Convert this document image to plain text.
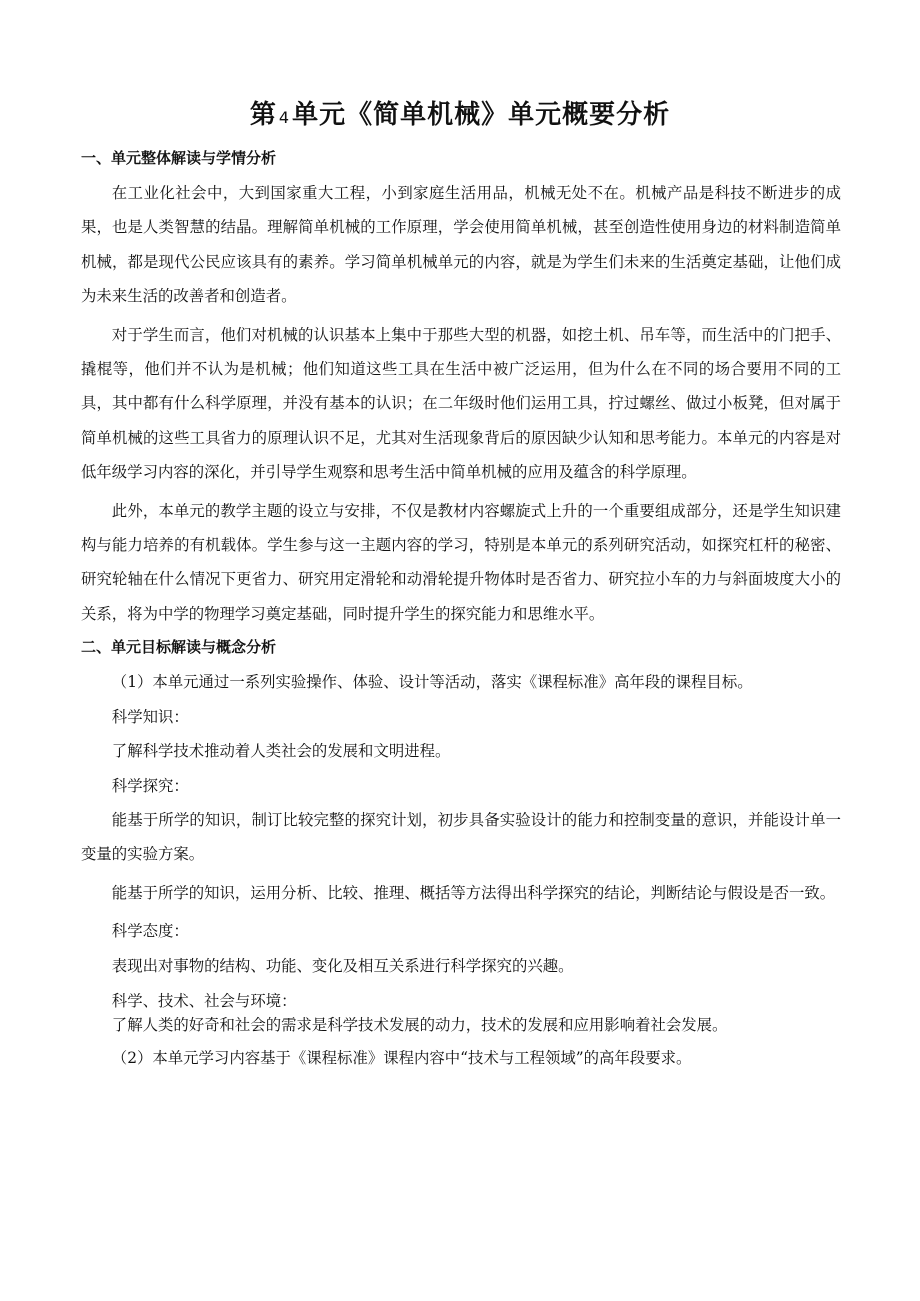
第 4单元《简单机械》单元概要分析

一、单元整体解读与学情分析

在工业化社会中，大到国家重大工程，小到家庭生活用品，机械无处不在。机械产品是科技不断进步的成果，也是人类智慧的结晶。理解简单机械的工作原理，学会使用简单机械，甚至创造性使用身边的材料制造简单机械，都是现代公民应该具有的素养。学习简单机械单元的内容，就是为学生们未来的生活奠定基础，让他们成为未来生活的改善者和创造者。

对于学生而言，他们对机械的认识基本上集中于那些大型的机器，如挖土机、吊车等，而生活中的门把手、撬棍等，他们并不认为是机械；他们知道这些工具在生活中被广泛运用，但为什么在不同的场合要用不同的工具，其中都有什么科学原理，并没有基本的认识；在二年级时他们运用工具，拧过螺丝、做过小板凳，但对属于简单机械的这些工具省力的原理认识不足，尤其对生活现象背后的原因缺少认知和思考能力。本单元的内容是对低年级学习内容的深化，并引导学生观察和思考生活中简单机械的应用及蕴含的科学原理。

此外，本单元的教学主题的设立与安排，不仅是教材内容螺旋式上升的一个重要组成部分，还是学生知识建构与能力培养的有机载体。学生参与这一主题内容的学习，特别是本单元的系列研究活动，如探究杠杆的秘密、研究轮轴在什么情况下更省力、研究用定滑轮和动滑轮提升物体时是否省力、研究拉小车的力与斜面坡度大小的关系，将为中学的物理学习奠定基础，同时提升学生的探究能力和思维水平。

二、单元目标解读与概念分析

（1）本单元通过一系列实验操作、体验、设计等活动，落实《课程标准》高年段的课程目标。

科学知识：

了解科学技术推动着人类社会的发展和文明进程。

科学探究：

能基于所学的知识，制订比较完整的探究计划，初步具备实验设计的能力和控制变量的意识，并能设计单一变量的实验方案。

能基于所学的知识，运用分析、比较、推理、概括等方法得出科学探究的结论，判断结论与假设是否一致。

科学态度：

表现出对事物的结构、功能、变化及相互关系进行科学探究的兴趣。

科学、技术、社会与环境：

了解人类的好奇和社会的需求是科学技术发展的动力，技术的发展和应用影响着社会发展。

（2）本单元学习内容基于《课程标准》课程内容中“技术与工程领域”的高年段要求。
